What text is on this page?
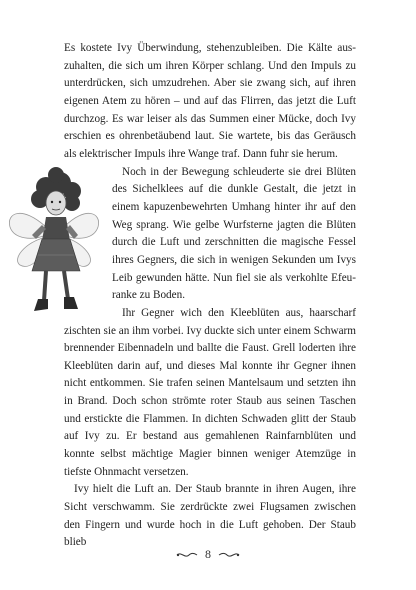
Es kostete Ivy Überwindung, stehenzubleiben. Die Kälte auszuhalten, die sich um ihren Körper schlang. Und den Impuls zu unterdrücken, sich umzudrehen. Aber sie zwang sich, auf ihren eigenen Atem zu hören – und auf das Flirren, das jetzt die Luft durchzog. Es war leiser als das Summen einer Mücke, doch Ivy erschien es ohrenbetäubend laut. Sie wartete, bis das Geräusch als elektrischer Impuls ihre Wange traf. Dann fuhr sie herum.

Noch in der Bewegung schleuderte sie drei Blüten des Sichelklees auf die dunkle Gestalt, die jetzt in einem kapuzenbewehrten Umhang hinter ihr auf den Weg sprang. Wie gelbe Wurfsterne jagten die Blüten durch die Luft und zerschnitten die magische Fessel ihres Gegners, die sich in wenigen Sekunden um Ivys Leib gewunden hätte. Nun fiel sie als verkohlte Efeuranke zu Boden.

Ihr Gegner wich den Kleeblüten aus, haarscharf zischten sie an ihm vorbei. Ivy duckte sich unter einem Schwarm brennender Eibennadeln und ballte die Faust. Grell loderten ihre Kleeblüten darin auf, und dieses Mal konnte ihr Gegner ihnen nicht entkommen. Sie trafen seinen Mantelsaum und setzten ihn in Brand. Doch schon strömte roter Staub aus seinen Taschen und erstickte die Flammen. In dichten Schwaden glitt der Staub auf Ivy zu. Er bestand aus gemahlenen Rainfarnblüten und konnte selbst mächtige Magier binnen weniger Atemzüge in tiefste Ohnmacht versetzen.

Ivy hielt die Luft an. Der Staub brannte in ihren Augen, ihre Sicht verschwamm. Sie zerdrückte zwei Flugsamen zwischen den Fingern und wurde hoch in die Luft gehoben. Der Staub blieb

8
